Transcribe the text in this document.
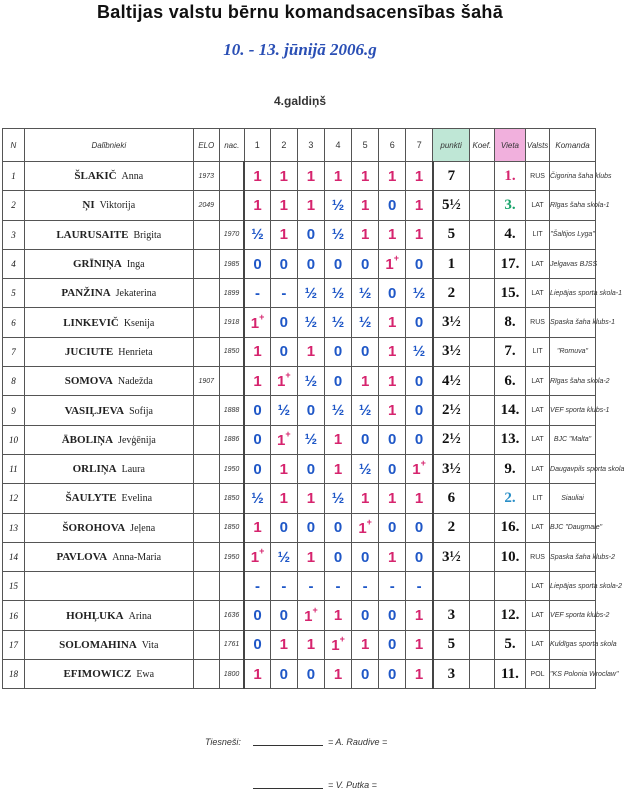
Baltijas valstu bērnu komandsacensības šahā
10. - 13. jūnijā 2006.g
4.galdiņš
N	Dalībnieki	ELO	nac.	1	2	3	4	5	6	7	punkti	Koef.	Vieta	Valsts	Komanda
1	ŠLAKIČ  Anna	1973		1	1	1	1	1	1	1	7		1.	RUS	Čigorina šaha klubs
2	ŅI  Viktorija	2049		1	1	1	½	1	0	1	5½		3.	LAT	Rīgas šaha skola-1
3	LAURUSAITE  Brigita		1970	½	1	0	½	1	1	1	5		4.	LIT	"Šaltijos Lyga"
4	GRĪNIŅA  Inga		1985	0	0	0	0	0	1+	0	1		17.	LAT	Jelgavas BJSS
5	PANŽINA  Jekaterina		1899	-	-	½	½	½	0	½	2		15.	LAT	Liepājas sporta skola-1
6	LINKEVIČ  Ksenija		1918	1+	0	½	½	½	1	0	3½		8.	RUS	Spaska šaha klubs-1
7	JUCIUTE  Henrieta		1850	1	0	1	0	0	1	½	3½		7.	LIT	"Romuva"
8	SOMOVA  Nadežda	1907		1	1+	½	0	1	1	0	4½		6.	LAT	Rīgas šaha skola-2
9	VASIĻJEVA  Sofija		1888	0	½	0	½	½	1	0	2½		14.	LAT	VEF sporta klubs-1
10	ĀBOLIŅA  Jevģēnija		1886	0	1+	½	1	0	0	0	2½		13.	LAT	BJC "Malta"
11	ORLIŅA  Laura		1950	0	1	0	1	½	0	1+	3½		9.	LAT	Daugavpils sporta skola
12	ŠAULYTE  Evelina		1850	½	1	1	½	1	1	1	6		2.	LIT	Siauliai
13	ŠOROHOVA  Jeļena		1850	1	0	0	0	1+	0	0	2		16.	LAT	BJC "Daugmale"
14	PAVLOVA  Anna-Maria		1950	1+	½	1	0	0	1	0	3½		10.	RUS	Spaska šaha klubs-2
15	 			-	-	-	-	-	-	-				LAT	Liepājas sporta skola-2
16	HOHĻUKA  Arina		1636	0	0	1+	1	0	0	1	3		12.	LAT	VEF sporta klubs-2
17	SOLOMAHINA  Vita		1761	0	1	1	1+	1	0	1	5		5.	LAT	Kuldīgas sporta skola
18	EFIMOWICZ  Ewa		1800	1	0	0	1	0	0	1	3		11.	POL	"KS Polonia Wroclaw"
Tiesneši:	= A. Raudive =
= V. Putka =
